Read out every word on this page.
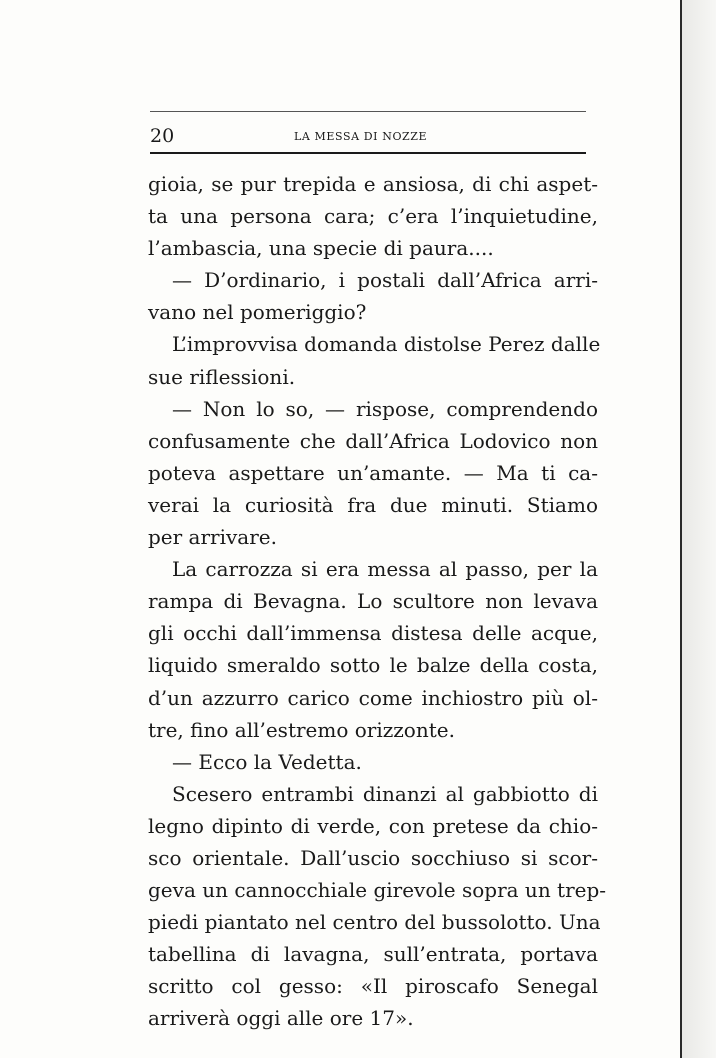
20	LA MESSA DI NOZZE
gioia, se pur trepida e ansiosa, di chi aspet-
ta una persona cara; c’era l’inquietudine,
l’ambascia, una specie di paura....
— D’ordinario, i postali dall’Africa arri-
vano nel pomeriggio?
L’improvvisa domanda distolse Perez dalle
sue riflessioni.
— Non lo so, — rispose, comprendendo
confusamente che dall’Africa Lodovico non
poteva aspettare un’amante. — Ma ti ca-
verai la curiosità fra due minuti. Stiamo
per arrivare.
La carrozza si era messa al passo, per la
rampa di Bevagna. Lo scultore non levava
gli occhi dall’immensa distesa delle acque,
liquido smeraldo sotto le balze della costa,
d’un azzurro carico come inchiostro più ol-
tre, fino all’estremo orizzonte.
— Ecco la Vedetta.
Scesero entrambi dinanzi al gabbiotto di
legno dipinto di verde, con pretese da chio-
sco orientale. Dall’uscio socchiuso si scor-
geva un cannocchiale girevole sopra un trep-
piedi piantato nel centro del bussolotto. Una
tabellina di lavagna, sull’entrata, portava
scritto col gesso: «Il piroscafo Senegal
arriverà oggi alle ore 17».
